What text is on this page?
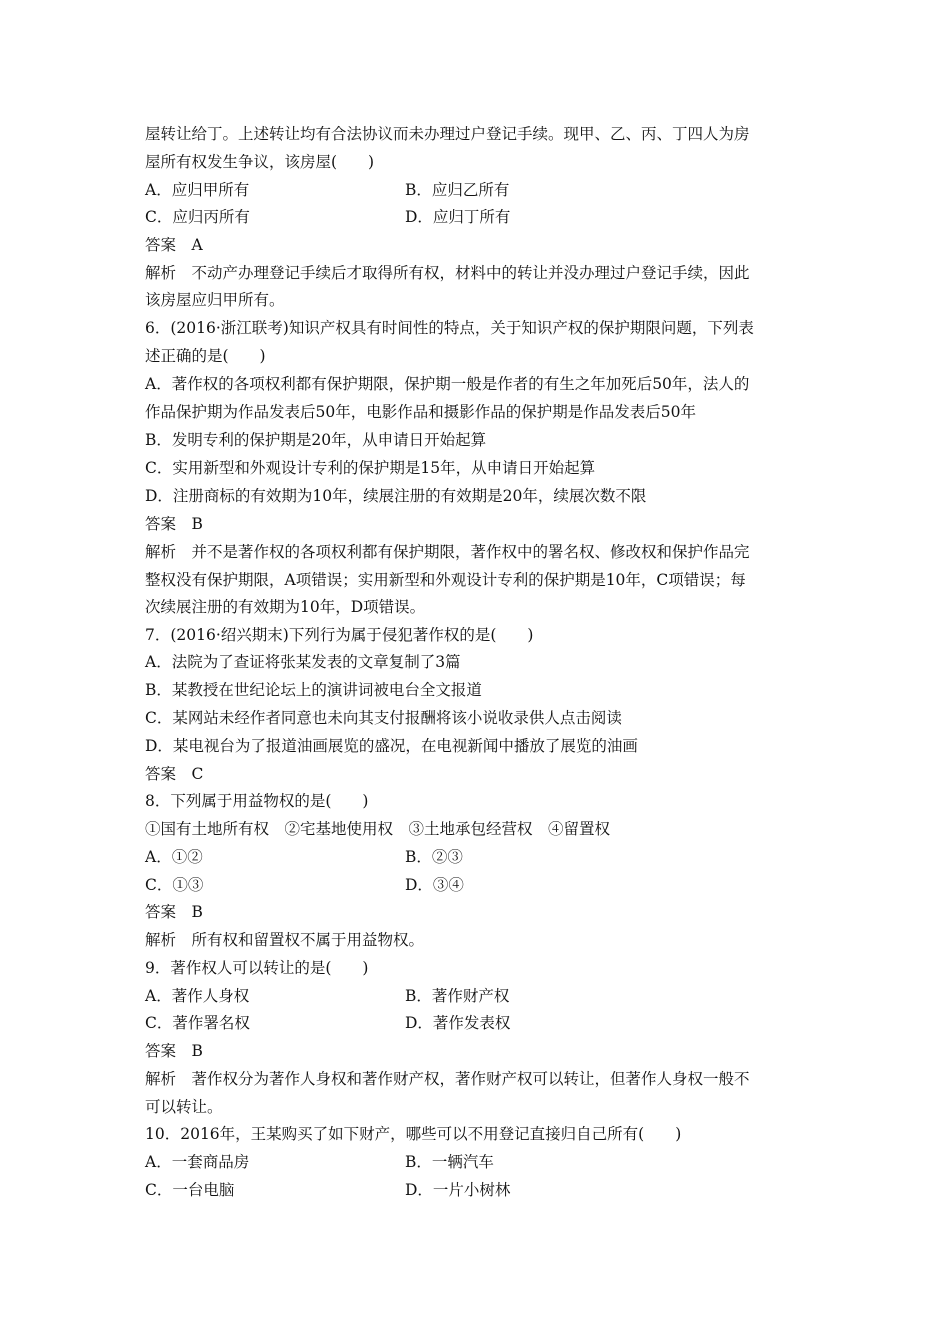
屋转让给丁。上述转让均有合法协议而未办理过户登记手续。现甲、乙、丙、丁四人为房
屋所有权发生争议，该房屋(　　)
A．应归甲所有	B．应归乙所有
C．应归丙所有	D．应归丁所有
答案　A
解析　不动产办理登记手续后才取得所有权，材料中的转让并没办理过户登记手续，因此
该房屋应归甲所有。
6．(2016·浙江联考)知识产权具有时间性的特点，关于知识产权的保护期限问题，下列表
述正确的是(　　)
A．著作权的各项权利都有保护期限，保护期一般是作者的有生之年加死后50年，法人的
作品保护期为作品发表后50年，电影作品和摄影作品的保护期是作品发表后50年
B．发明专利的保护期是20年，从申请日开始起算
C．实用新型和外观设计专利的保护期是15年，从申请日开始起算
D．注册商标的有效期为10年，续展注册的有效期是20年，续展次数不限
答案　B
解析　并不是著作权的各项权利都有保护期限，著作权中的署名权、修改权和保护作品完
整权没有保护期限，A项错误；实用新型和外观设计专利的保护期是10年，C项错误；每
次续展注册的有效期为10年，D项错误。
7．(2016·绍兴期末)下列行为属于侵犯著作权的是(　　)
A．法院为了查证将张某发表的文章复制了3篇
B．某教授在世纪论坛上的演讲词被电台全文报道
C．某网站未经作者同意也未向其支付报酬将该小说收录供人点击阅读
D．某电视台为了报道油画展览的盛况，在电视新闻中播放了展览的油画
答案　C
8．下列属于用益物权的是(　　)
①国有土地所有权　②宅基地使用权　③土地承包经营权　④留置权
A．①②	B．②③
C．①③	D．③④
答案　B
解析　所有权和留置权不属于用益物权。
9．著作权人可以转让的是(　　)
A．著作人身权	B．著作财产权
C．著作署名权	D．著作发表权
答案　B
解析　著作权分为著作人身权和著作财产权，著作财产权可以转让，但著作人身权一般不
可以转让。
10．2016年，王某购买了如下财产，哪些可以不用登记直接归自己所有(　　)
A．一套商品房	B．一辆汽车
C．一台电脑	D．一片小树林
